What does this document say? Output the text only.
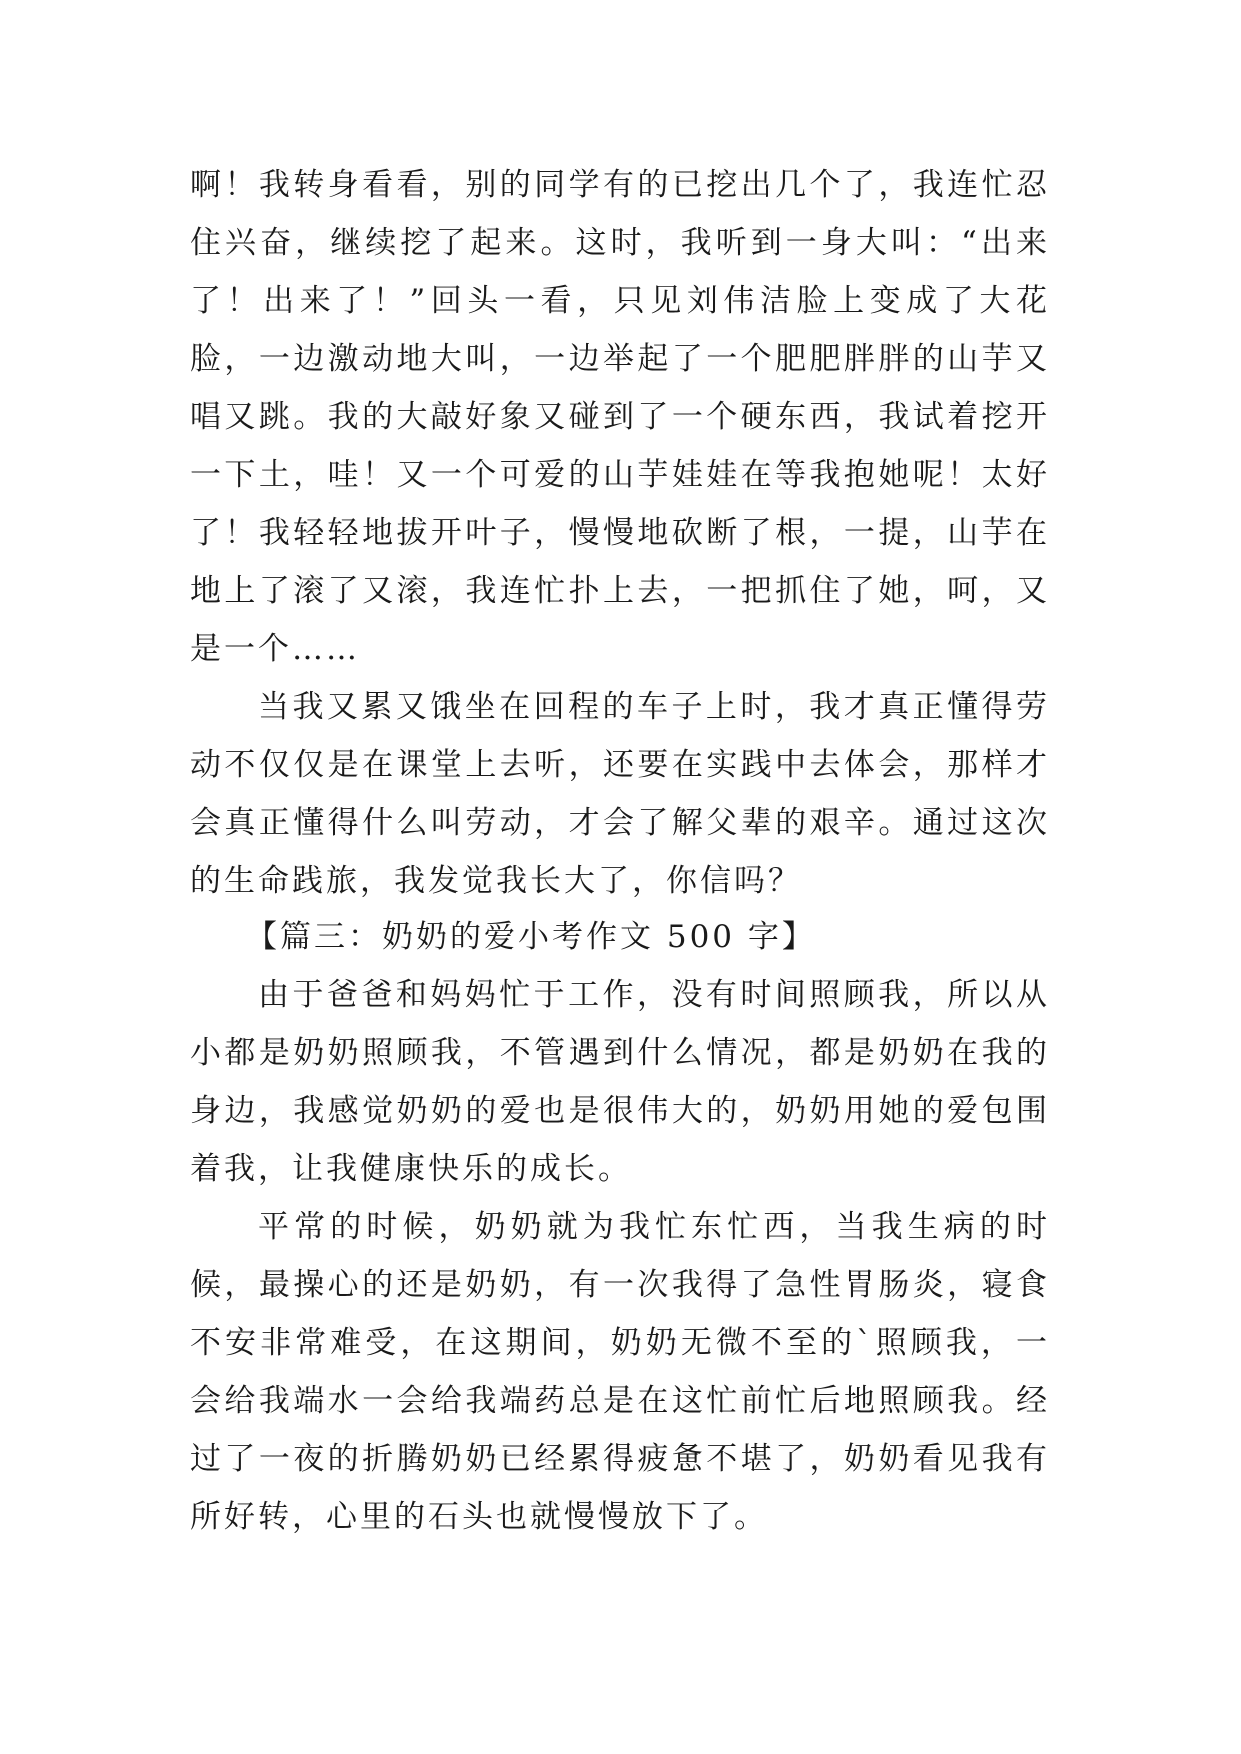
啊！我转身看看，别的同学有的已挖出几个了，我连忙忍住兴奋，继续挖了起来。这时，我听到一身大叫：“出来了！出来了！”回头一看，只见刘伟洁脸上变成了大花脸，一边激动地大叫，一边举起了一个肥肥胖胖的山芋又唱又跳。我的大敲好象又碰到了一个硬东西，我试着挖开一下土，哇！又一个可爱的山芋娃娃在等我抱她呢！太好了！我轻轻地拔开叶子，慢慢地砍断了根，一提，山芋在地上了滚了又滚，我连忙扑上去，一把抓住了她，呵，又是一个……

当我又累又饿坐在回程的车子上时，我才真正懂得劳动不仅仅是在课堂上去听，还要在实践中去体会，那样才会真正懂得什么叫劳动，才会了解父辈的艰辛。通过这次的生命践旅，我发觉我长大了，你信吗？

【篇三：奶奶的爱小考作文 500 字】

由于爸爸和妈妈忙于工作，没有时间照顾我，所以从小都是奶奶照顾我，不管遇到什么情况，都是奶奶在我的身边，我感觉奶奶的爱也是很伟大的，奶奶用她的爱包围着我，让我健康快乐的成长。

平常的时候，奶奶就为我忙东忙西，当我生病的时候，最操心的还是奶奶，有一次我得了急性胃肠炎，寝食不安非常难受，在这期间，奶奶无微不至的`照顾我，一会给我端水一会给我端药总是在这忙前忙后地照顾我。经过了一夜的折腾奶奶已经累得疲惫不堪了，奶奶看见我有所好转，心里的石头也就慢慢放下了。
